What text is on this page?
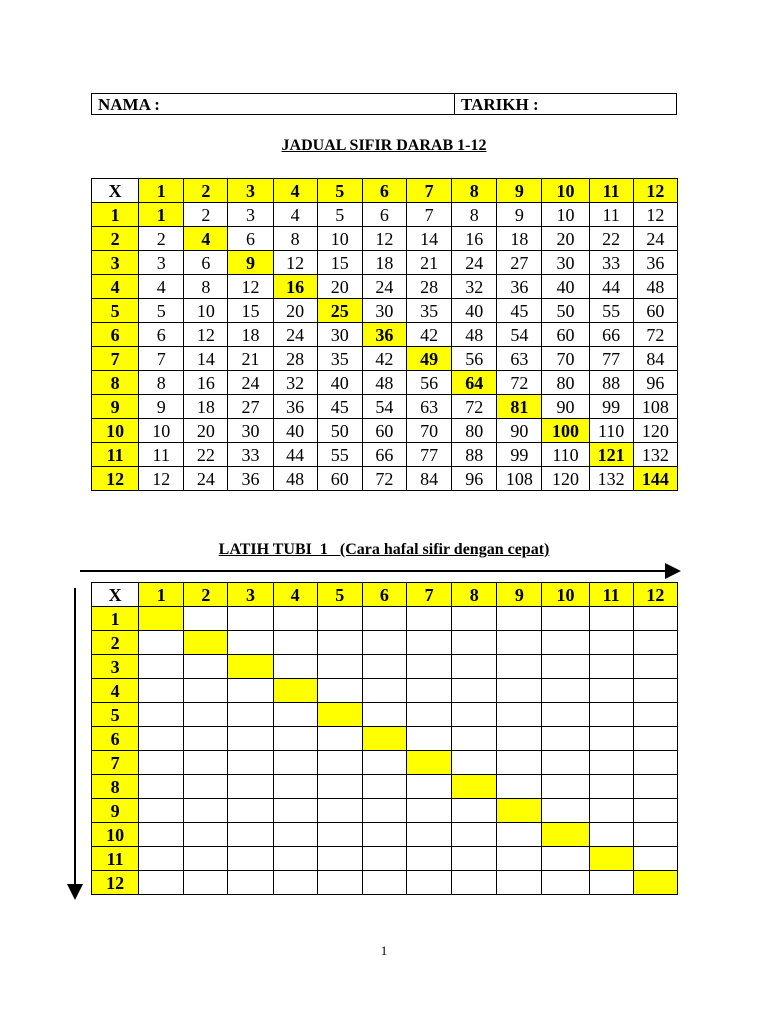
NAMA :	TARIKH :
JADUAL SIFIR DARAB 1-12
X	1	2	3	4	5	6	7	8	9	10	11	12
1	1	2	3	4	5	6	7	8	9	10	11	12
2	2	4	6	8	10	12	14	16	18	20	22	24
3	3	6	9	12	15	18	21	24	27	30	33	36
4	4	8	12	16	20	24	28	32	36	40	44	48
5	5	10	15	20	25	30	35	40	45	50	55	60
6	6	12	18	24	30	36	42	48	54	60	66	72
7	7	14	21	28	35	42	49	56	63	70	77	84
8	8	16	24	32	40	48	56	64	72	80	88	96
9	9	18	27	36	45	54	63	72	81	90	99	108
10	10	20	30	40	50	60	70	80	90	100	110	120
11	11	22	33	44	55	66	77	88	99	110	121	132
12	12	24	36	48	60	72	84	96	108	120	132	144
LATIH TUBI  1   (Cara hafal sifir dengan cepat)
X	1	2	3	4	5	6	7	8	9	10	11	12
1												
2												
3												
4												
5												
6												
7												
8												
9												
10												
11												
12												
1
